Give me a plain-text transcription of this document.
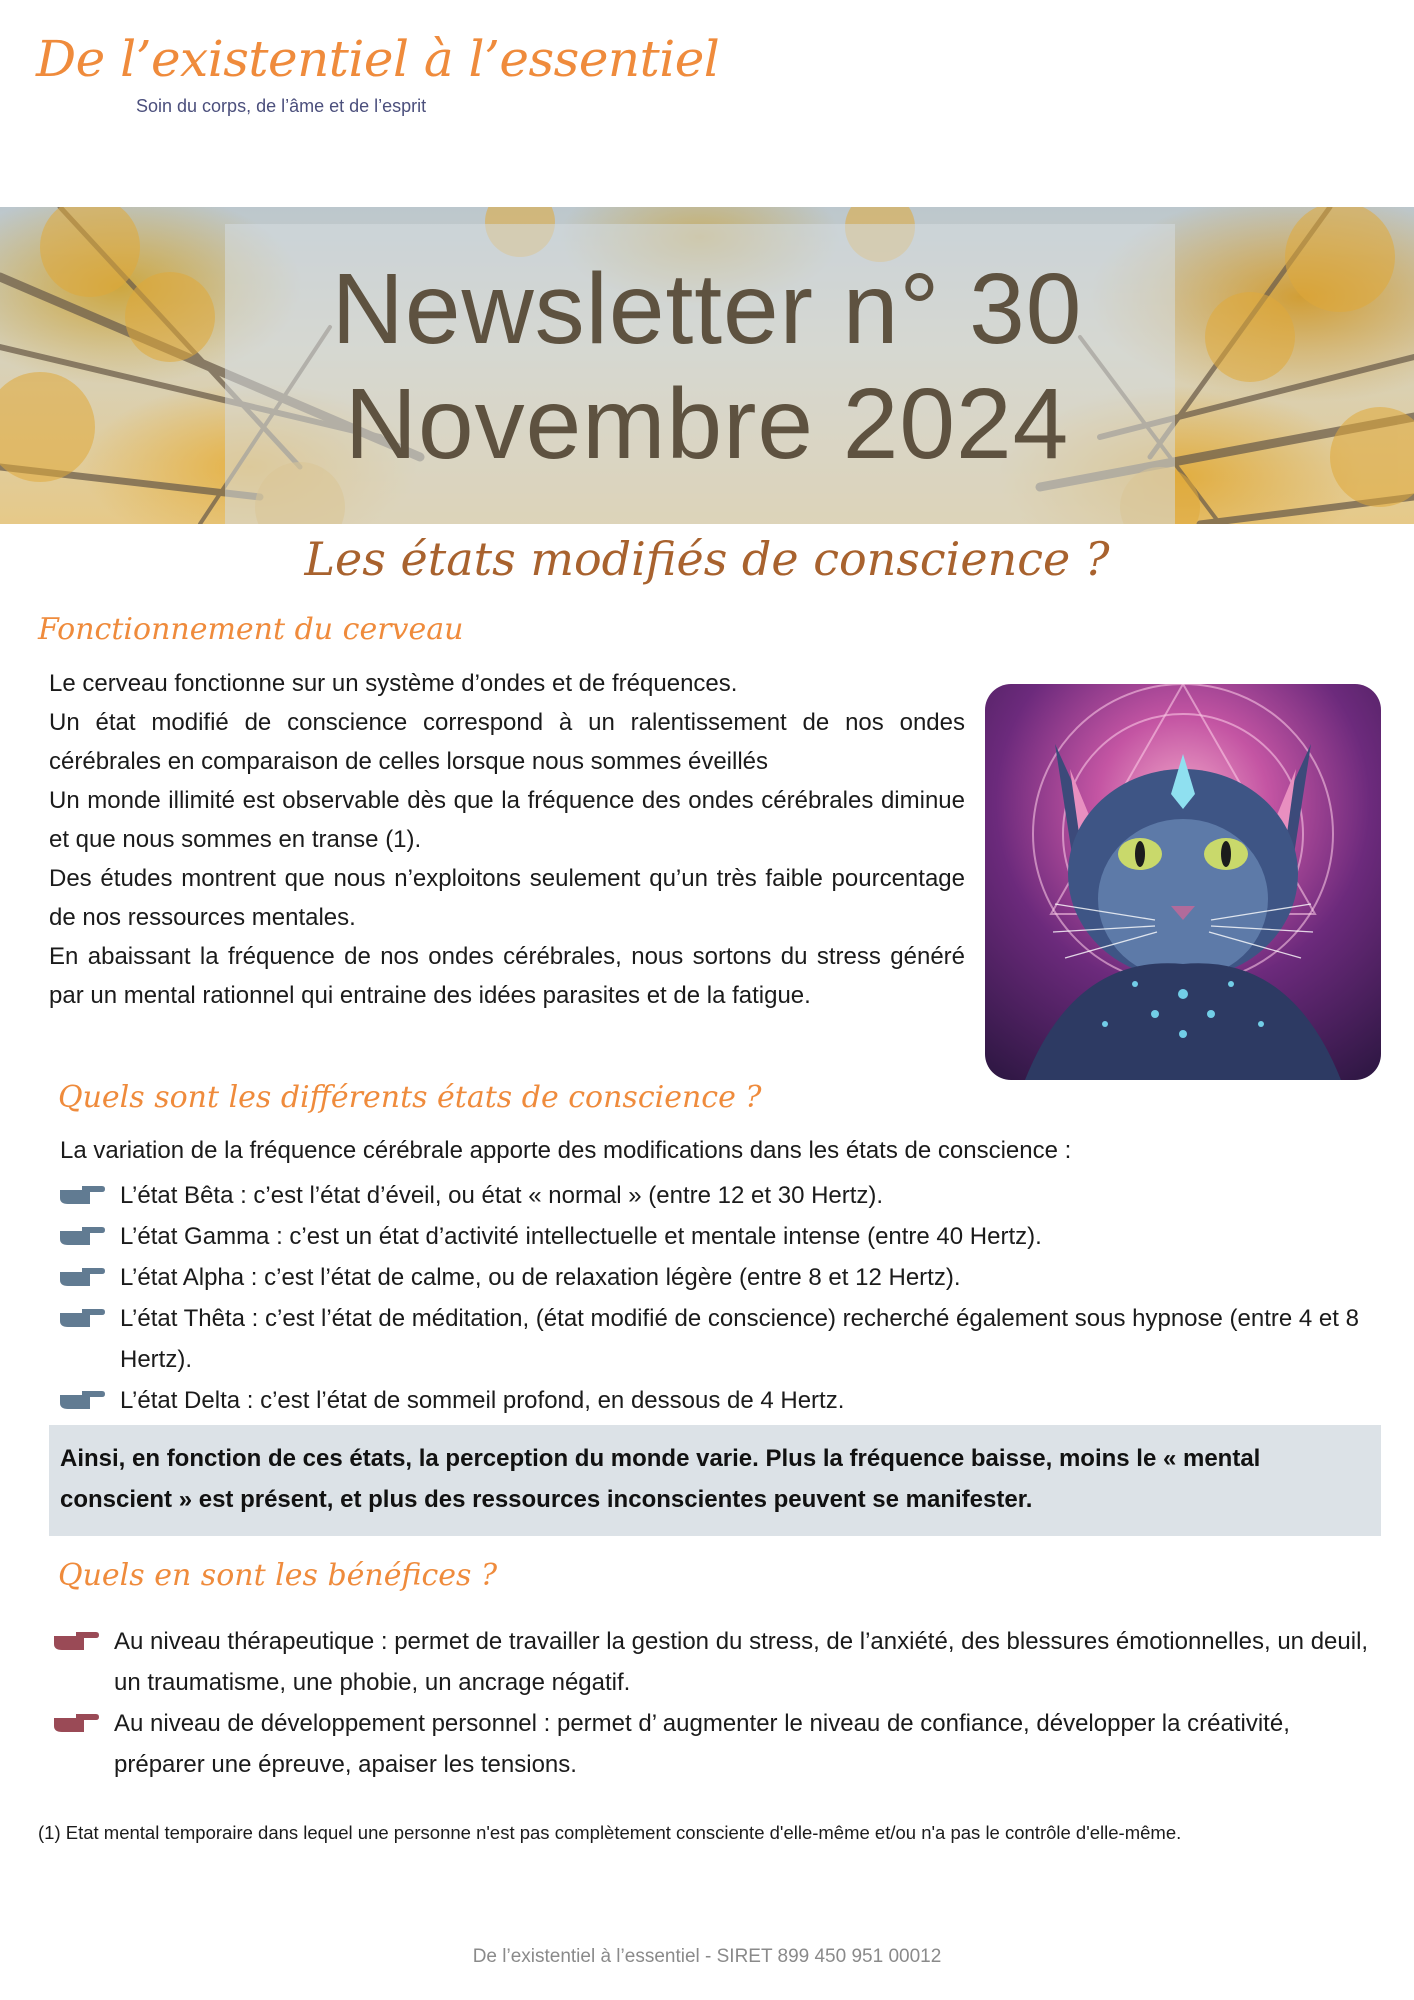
De l’existentiel à l’essentiel
Soin du corps, de l’âme et de l’esprit
Newsletter n° 30
Novembre 2024
Les états modifiés de conscience ?
Fonctionnement du cerveau

Le cerveau fonctionne sur un système d’ondes et de fréquences.

Un état modifié de conscience correspond à un ralentissement de nos ondes cérébrales en comparaison de celles lorsque nous sommes éveillés

Un monde illimité est observable dès que la fréquence des ondes cérébrales diminue et que nous sommes en transe (1).

Des études montrent que nous n’exploitons seulement qu’un très faible pourcentage de nos ressources mentales.

En abaissant la fréquence de nos ondes cérébrales, nous sortons du stress généré par un mental rationnel qui entraine des idées parasites et de la fatigue.

Quels sont les différents états de conscience ?

La variation de la fréquence cérébrale apporte des modifications dans les états de conscience :

L’état Bêta : c’est l’état d’éveil, ou état « normal » (entre 12 et 30 Hertz).
L’état Gamma : c’est un état d’activité intellectuelle et mentale intense (entre 40 Hertz).
L’état Alpha : c’est l’état de calme, ou de relaxation légère (entre 8 et 12 Hertz).
L’état Thêta : c’est l’état de méditation, (état modifié de conscience) recherché également sous hypnose (entre 4 et 8 Hertz).
L’état Delta : c’est l’état de sommeil profond, en dessous de 4 Hertz.

Ainsi, en fonction de ces états, la perception du monde varie. Plus la fréquence baisse, moins le « mental conscient » est présent, et plus des ressources inconscientes peuvent se manifester.

Quels en sont les bénéfices ?
Au niveau thérapeutique : permet de travailler la gestion du stress, de l’anxiété, des blessures émotionnelles, un deuil, un traumatisme, une phobie, un ancrage négatif.
Au niveau de développement personnel : permet d’ augmenter le niveau de confiance, développer la créativité, préparer une épreuve, apaiser les tensions.
(1) Etat mental temporaire dans lequel une personne n'est pas complètement consciente d'elle-même et/ou n'a pas le contrôle d'elle-même.
De l’existentiel à l’essentiel - SIRET 899 450 951 00012
